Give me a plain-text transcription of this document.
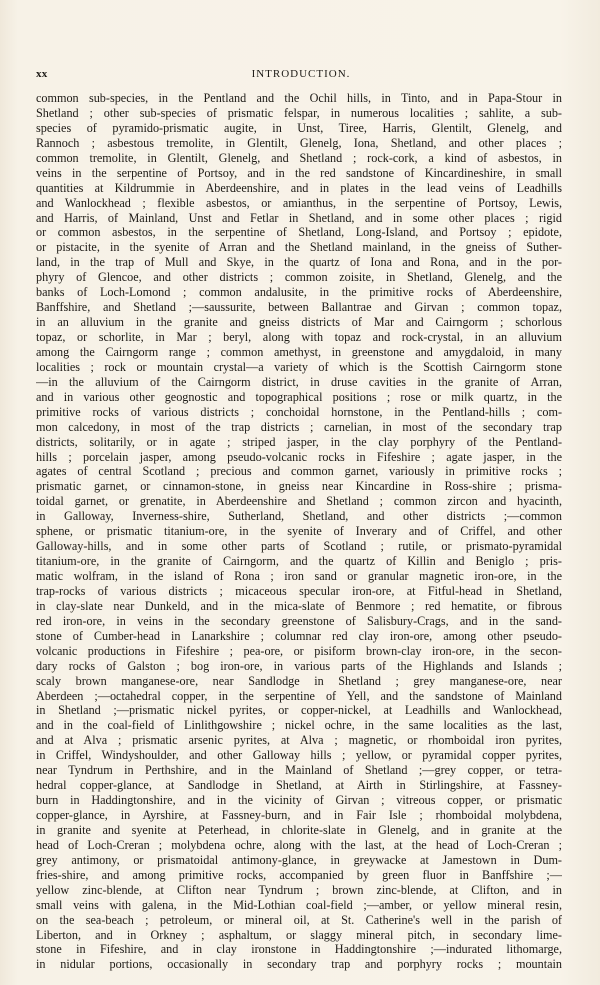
xx	INTRODUCTION.
common sub-species, in the Pentland and the Ochil hills, in Tinto, and in Papa-Stour in
Shetland ; other sub-species of prismatic felspar, in numerous localities ; sahlite, a sub-
species of pyramido-prismatic augite, in Unst, Tiree, Harris, Glentilt, Glenelg, and
Rannoch ; asbestous tremolite, in Glentilt, Glenelg, Iona, Shetland, and other places ;
common tremolite, in Glentilt, Glenelg, and Shetland ; rock-cork, a kind of asbestos, in
veins in the serpentine of Portsoy, and in the red sandstone of Kincardineshire, in small
quantities at Kildrummie in Aberdeenshire, and in plates in the lead veins of Leadhills
and Wanlockhead ; flexible asbestos, or amianthus, in the serpentine of Portsoy, Lewis,
and Harris, of Mainland, Unst and Fetlar in Shetland, and in some other places ; rigid
or common asbestos, in the serpentine of Shetland, Long-Island, and Portsoy ; epidote,
or pistacite, in the syenite of Arran and the Shetland mainland, in the gneiss of Suther-
land, in the trap of Mull and Skye, in the quartz of Iona and Rona, and in the por-
phyry of Glencoe, and other districts ; common zoisite, in Shetland, Glenelg, and the
banks of Loch-Lomond ; common andalusite, in the primitive rocks of Aberdeenshire,
Banffshire, and Shetland ;—saussurite, between Ballantrae and Girvan ; common topaz,
in an alluvium in the granite and gneiss districts of Mar and Cairngorm ; schorlous
topaz, or schorlite, in Mar ; beryl, along with topaz and rock-crystal, in an alluvium
among the Cairngorm range ; common amethyst, in greenstone and amygdaloid, in many
localities ; rock or mountain crystal—a variety of which is the Scottish Cairngorm stone
—in the alluvium of the Cairngorm district, in druse cavities in the granite of Arran,
and in various other geognostic and topographical positions ; rose or milk quartz, in the
primitive rocks of various districts ; conchoidal hornstone, in the Pentland-hills ; com-
mon calcedony, in most of the trap districts ; carnelian, in most of the secondary trap
districts, solitarily, or in agate ; striped jasper, in the clay porphyry of the Pentland-
hills ; porcelain jasper, among pseudo-volcanic rocks in Fifeshire ; agate jasper, in the
agates of central Scotland ; precious and common garnet, variously in primitive rocks ;
prismatic garnet, or cinnamon-stone, in gneiss near Kincardine in Ross-shire ; prisma-
toidal garnet, or grenatite, in Aberdeenshire and Shetland ; common zircon and hyacinth,
in Galloway, Inverness-shire, Sutherland, Shetland, and other districts ;—common
sphene, or prismatic titanium-ore, in the syenite of Inverary and of Criffel, and other
Galloway-hills, and in some other parts of Scotland ; rutile, or prismato-pyramidal
titanium-ore, in the granite of Cairngorm, and the quartz of Killin and Beniglo ; pris-
matic wolfram, in the island of Rona ; iron sand or granular magnetic iron-ore, in the
trap-rocks of various districts ; micaceous specular iron-ore, at Fitful-head in Shetland,
in clay-slate near Dunkeld, and in the mica-slate of Benmore ; red hematite, or fibrous
red iron-ore, in veins in the secondary greenstone of Salisbury-Crags, and in the sand-
stone of Cumber-head in Lanarkshire ; columnar red clay iron-ore, among other pseudo-
volcanic productions in Fifeshire ; pea-ore, or pisiform brown-clay iron-ore, in the secon-
dary rocks of Galston ; bog iron-ore, in various parts of the Highlands and Islands ;
scaly brown manganese-ore, near Sandlodge in Shetland ; grey manganese-ore, near
Aberdeen ;—octahedral copper, in the serpentine of Yell, and the sandstone of Mainland
in Shetland ;—prismatic nickel pyrites, or copper-nickel, at Leadhills and Wanlockhead,
and in the coal-field of Linlithgowshire ; nickel ochre, in the same localities as the last,
and at Alva ; prismatic arsenic pyrites, at Alva ; magnetic, or rhomboidal iron pyrites,
in Criffel, Windyshoulder, and other Galloway hills ; yellow, or pyramidal copper pyrites,
near Tyndrum in Perthshire, and in the Mainland of Shetland ;—grey copper, or tetra-
hedral copper-glance, at Sandlodge in Shetland, at Airth in Stirlingshire, at Fassney-
burn in Haddingtonshire, and in the vicinity of Girvan ; vitreous copper, or prismatic
copper-glance, in Ayrshire, at Fassney-burn, and in Fair Isle ; rhomboidal molybdena,
in granite and syenite at Peterhead, in chlorite-slate in Glenelg, and in granite at the
head of Loch-Creran ; molybdena ochre, along with the last, at the head of Loch-Creran ;
grey antimony, or prismatoidal antimony-glance, in greywacke at Jamestown in Dum-
fries-shire, and among primitive rocks, accompanied by green fluor in Banffshire ;—
yellow zinc-blende, at Clifton near Tyndrum ; brown zinc-blende, at Clifton, and in
small veins with galena, in the Mid-Lothian coal-field ;—amber, or yellow mineral resin,
on the sea-beach ; petroleum, or mineral oil, at St. Catherine's well in the parish of
Liberton, and in Orkney ; asphaltum, or slaggy mineral pitch, in secondary lime-
stone in Fifeshire, and in clay ironstone in Haddingtonshire ;—indurated lithomarge,
in nidular portions, occasionally in secondary trap and porphyry rocks ; mountain
